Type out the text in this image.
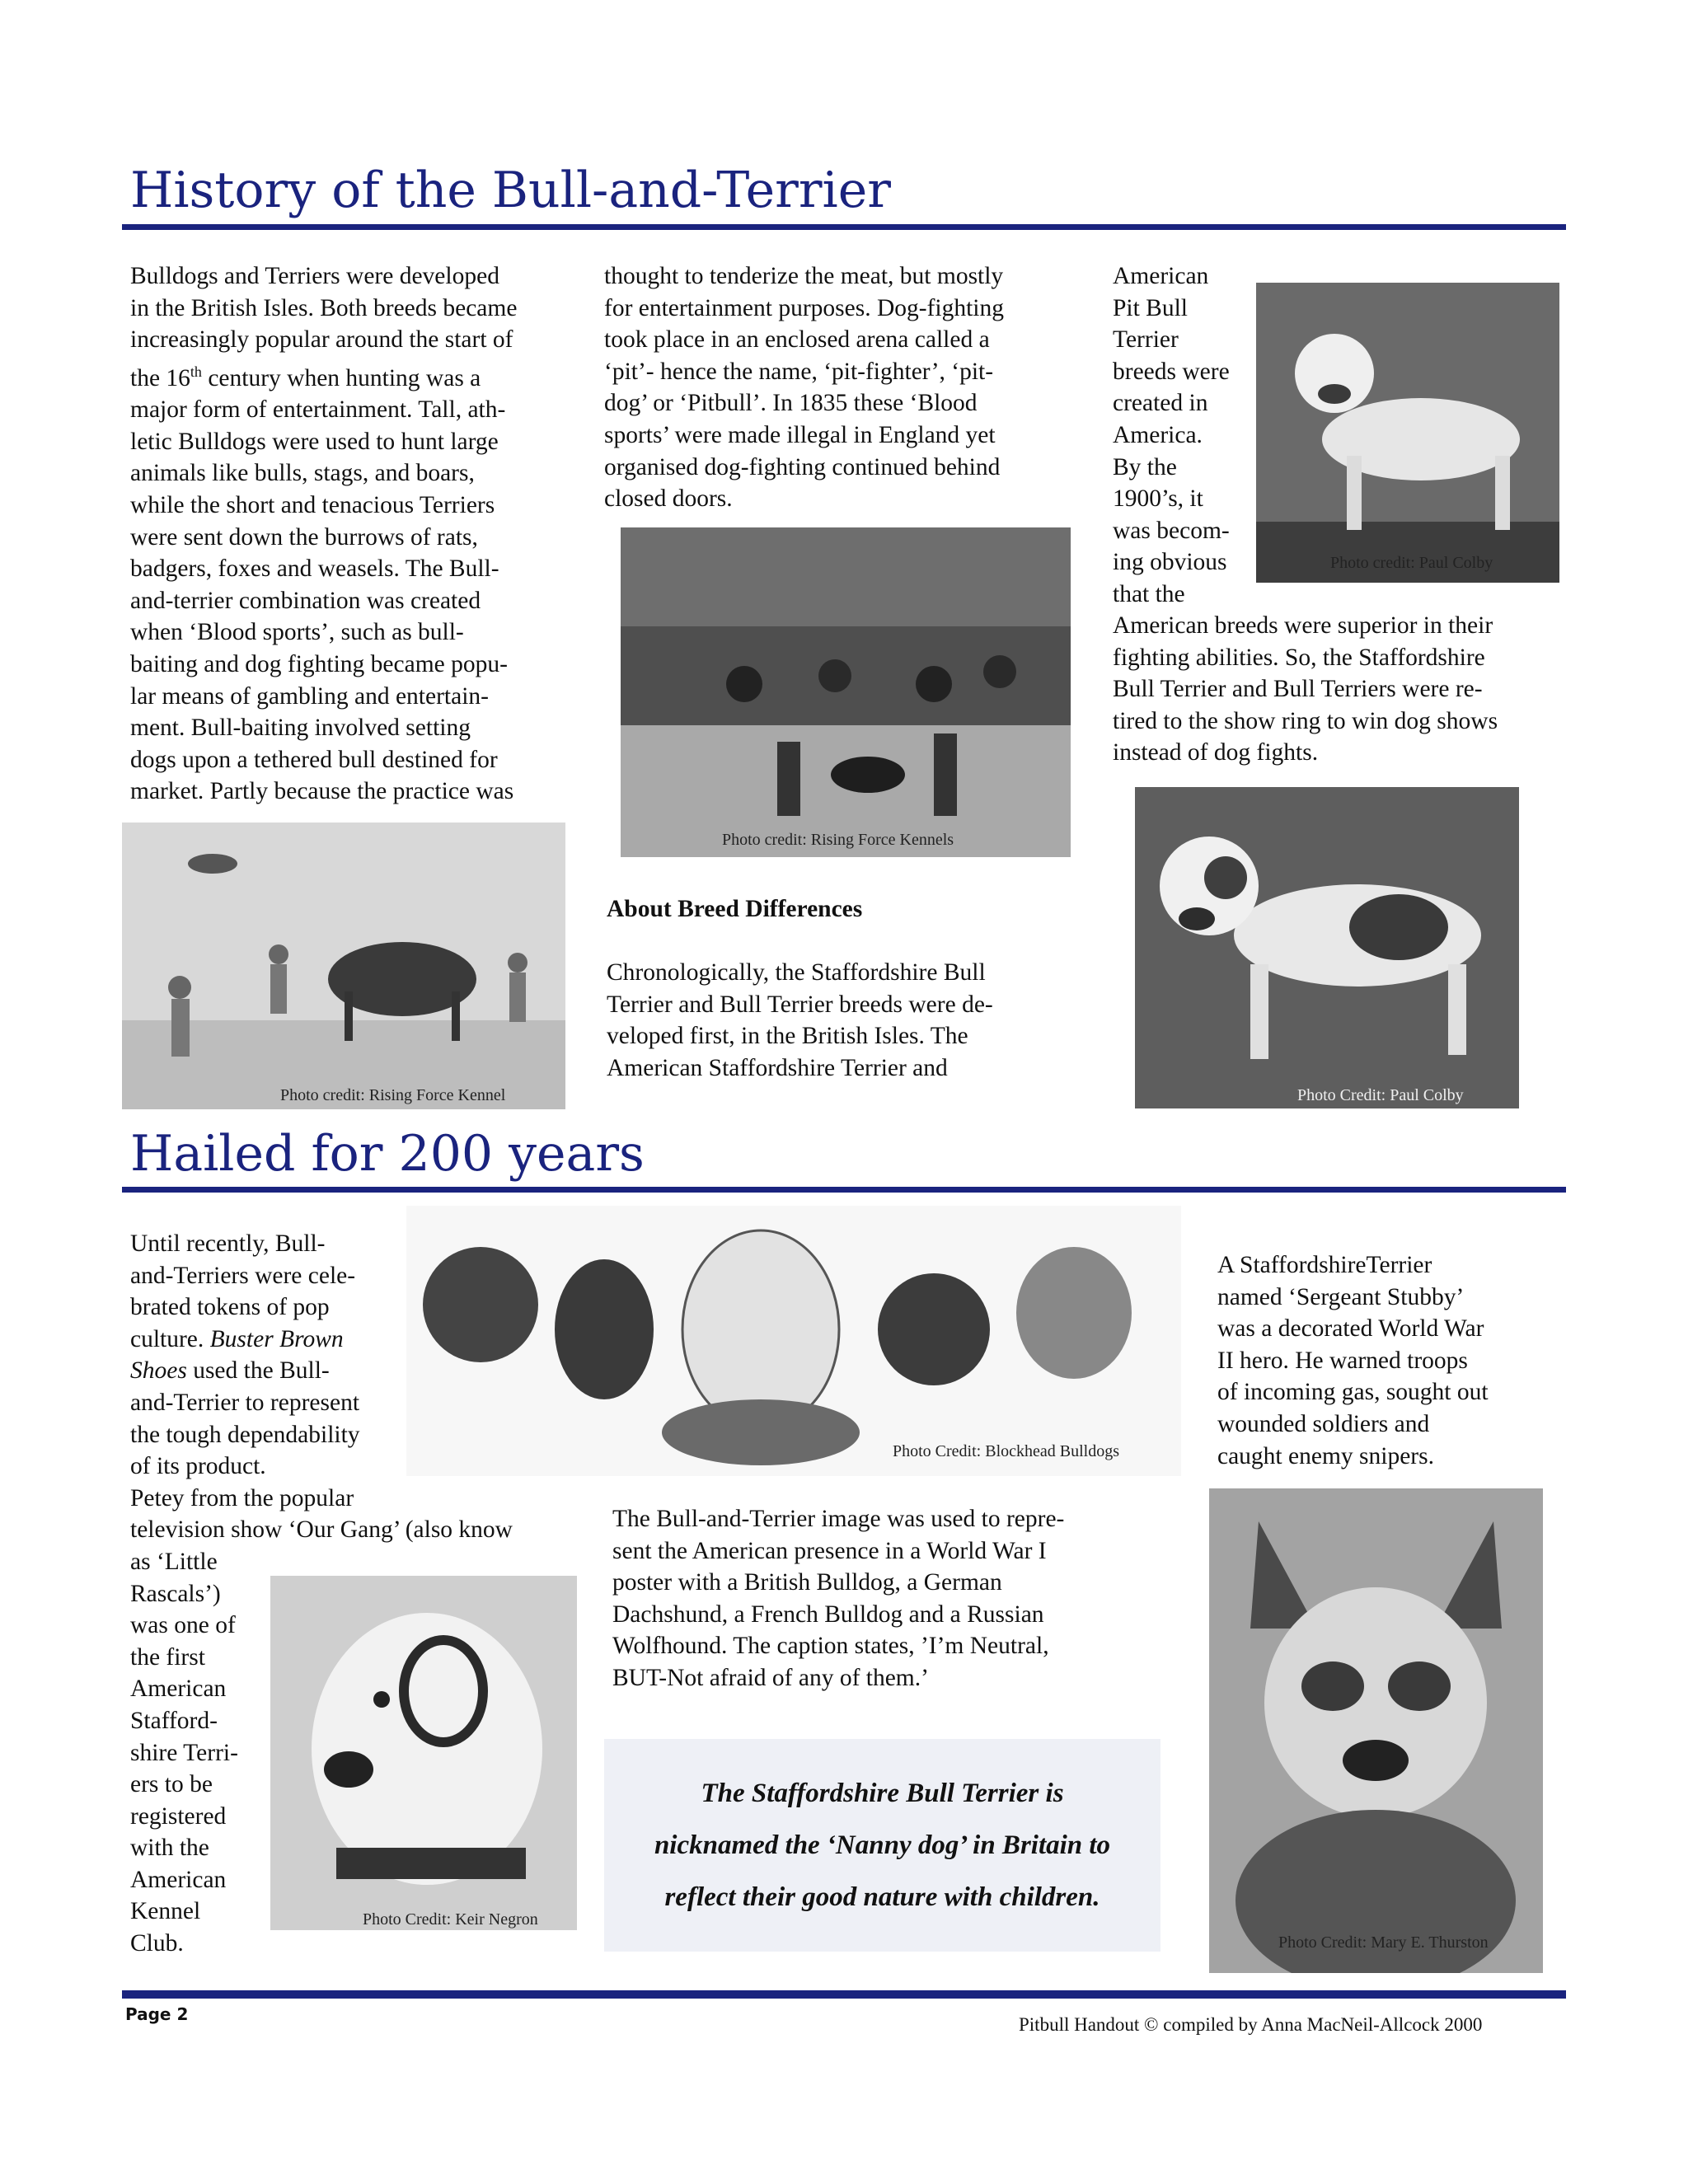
History of the Bull-and-Terrier

Bulldogs and Terriers were developed

in the British Isles. Both breeds became

increasingly popular around the start of

the 16th century when hunting was a

major form of entertainment. Tall, ath-

letic Bulldogs were used to hunt large

animals like bulls, stags, and boars,

while the short and tenacious Terriers

were sent down the burrows of rats,

badgers, foxes and weasels. The Bull-

and-terrier combination was created

when ‘Blood sports’, such as bull-

baiting and dog fighting became popu-

lar means of gambling and entertain-

ment. Bull-baiting involved setting

dogs upon a tethered bull destined for

market. Partly because the practice was

Photo credit: Rising Force Kennel

thought to tenderize the meat, but mostly

for entertainment purposes. Dog-fighting

took place in an enclosed arena called a

‘pit’- hence the name, ‘pit-fighter’, ‘pit-

dog’ or ‘Pitbull’. In 1835 these ‘Blood

sports’ were made illegal in England yet

organised dog-fighting continued behind

closed doors.

Photo credit: Rising Force Kennels

About Breed Differences

Chronologically, the Staffordshire Bull

Terrier and Bull Terrier breeds were de-

veloped first, in the British Isles. The

American Staffordshire Terrier and

American

Pit Bull

Terrier

breeds were

created in

America.

By the

1900’s, it

was becom-

ing obvious

that the

Photo credit: Paul Colby

American breeds were superior in their

fighting abilities. So, the Staffordshire

Bull Terrier and Bull Terriers were re-

tired to the show ring to win dog shows

instead of dog fights.

Photo Credit: Paul Colby
Hailed for 200 years
Photo Credit: Blockhead Bulldogs

Until recently, Bull-

and-Terriers were cele-

brated tokens of pop

culture. Buster Brown

Shoes used the Bull-

and-Terrier to represent

the tough dependability

of its product.

Petey from the popular

television show ‘Our Gang’ (also know

as ‘Little

Rascals’)

was one of

the first

American

Stafford-

shire Terri-

ers to be

registered

with the

American

Kennel

Club.

Photo Credit: Keir Negron

The Bull-and-Terrier image was used to repre-

sent the American presence in a World War I

poster with a British Bulldog, a German

Dachshund, a French Bulldog and a Russian

Wolfhound. The caption states, ’I’m Neutral,

BUT-Not afraid of any of them.’

The Staffordshire Bull Terrier is
nicknamed the ‘Nanny dog’ in Britain to
reflect their good nature with children.

A StaffordshireTerrier

named ‘Sergeant Stubby’

was a decorated World War

II hero. He warned troops

of incoming gas, sought out

wounded soldiers and

caught enemy snipers.

Photo Credit: Mary E. Thurston
Page 2	Pitbull Handout © compiled by Anna MacNeil-Allcock 2000
